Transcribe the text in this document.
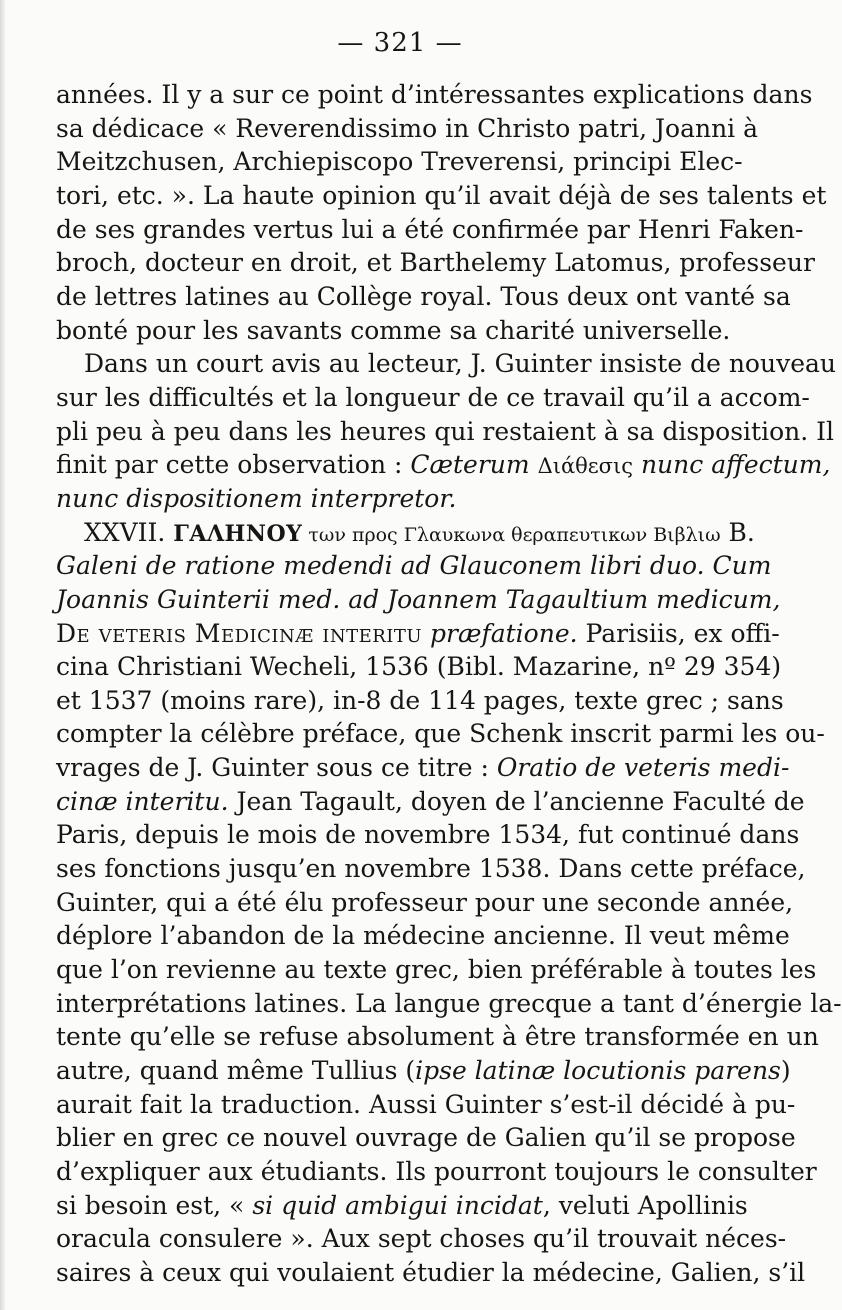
— 321 —
années. Il y a sur ce point d’intéressantes explications dans
sa dédicace « Reverendissimo in Christo patri, Joanni à
Meitzchusen, Archiepiscopo Treverensi, principi Elec-
tori, etc. ». La haute opinion qu’il avait déjà de ses talents et
de ses grandes vertus lui a été confirmée par Henri Faken-
broch, docteur en droit, et Barthelemy Latomus, professeur
de lettres latines au Collège royal. Tous deux ont vanté sa
bonté pour les savants comme sa charité universelle.
Dans un court avis au lecteur, J. Guinter insiste de nouveau
sur les difficultés et la longueur de ce travail qu’il a accom-
pli peu à peu dans les heures qui restaient à sa disposition. Il
finit par cette observation : Cæterum Διάθεσις nunc affectum,
nunc dispositionem interpretor.
XXVII. ΓΑΛΗΝΟΥ των προς Γλαυκωνα θεραπευτικων Βιβλιω B.
Galeni de ratione medendi ad Glauconem libri duo. Cum
Joannis Guinterii med. ad Joannem Tagaultium medicum,
De veteris Medicinæ interitu præfatione. Parisiis, ex offi-
cina Christiani Wecheli, 1536 (Bibl. Mazarine, nº 29 354)
et 1537 (moins rare), in-8 de 114 pages, texte grec ; sans
compter la célèbre préface, que Schenk inscrit parmi les ou-
vrages de J. Guinter sous ce titre : Oratio de veteris medi-
cinæ interitu. Jean Tagault, doyen de l’ancienne Faculté de
Paris, depuis le mois de novembre 1534, fut continué dans
ses fonctions jusqu’en novembre 1538. Dans cette préface,
Guinter, qui a été élu professeur pour une seconde année,
déplore l’abandon de la médecine ancienne. Il veut même
que l’on revienne au texte grec, bien préférable à toutes les
interprétations latines. La langue grecque a tant d’énergie la-
tente qu’elle se refuse absolument à être transformée en un
autre, quand même Tullius (ipse latinæ locutionis parens)
aurait fait la traduction. Aussi Guinter s’est-il décidé à pu-
blier en grec ce nouvel ouvrage de Galien qu’il se propose
d’expliquer aux étudiants. Ils pourront toujours le consulter
si besoin est, « si quid ambigui incidat, veluti Apollinis
oracula consulere ». Aux sept choses qu’il trouvait néces-
saires à ceux qui voulaient étudier la médecine, Galien, s’il
